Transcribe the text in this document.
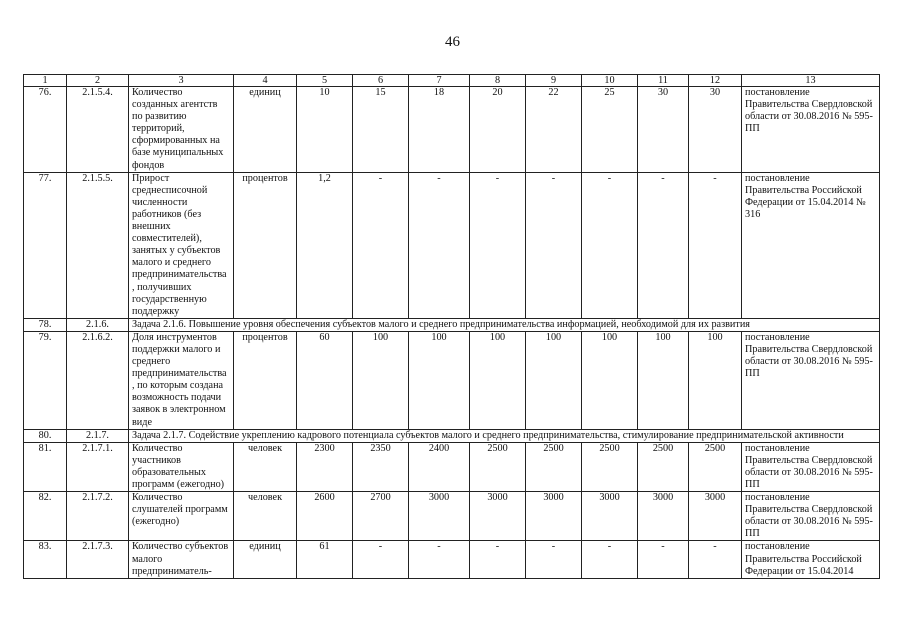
46
1	2	3	4	5	6	7	8	9	10	11	12	13
76.	2.1.5.4.	Количество созданных агентств по развитию территорий, сформированных на базе муниципальных фондов	единиц	10	15	18	20	22	25	30	30	постановление Правительства Свердловской области от 30.08.2016 № 595-ПП
77.	2.1.5.5.	Прирост среднесписочной численности работников (без внешних совместителей), занятых у субъектов малого и среднего предпринимательства , получивших государственную поддержку	процентов	1,2	-	-	-	-	-	-	-	постановление Правительства Российской Федерации от 15.04.2014 № 316
78.	2.1.6.	Задача 2.1.6. Повышение уровня обеспечения субъектов малого и среднего предпринимательства информацией, необходимой для их развития										
79.	2.1.6.2.	Доля инструментов поддержки малого и среднего предпринимательства , по которым создана возможность подачи заявок в электронном виде	процентов	60	100	100	100	100	100	100	100	постановление Правительства Свердловской области от 30.08.2016 № 595-ПП
80.	2.1.7.	Задача 2.1.7. Содействие укреплению кадрового потенциала субъектов малого и среднего предпринимательства, стимулирование предпринимательской активности										
81.	2.1.7.1.	Количество участников образовательных программ (ежегодно)	человек	2300	2350	2400	2500	2500	2500	2500	2500	постановление Правительства Свердловской области от 30.08.2016 № 595-ПП
82.	2.1.7.2.	Количество слушателей программ (ежегодно)	человек	2600	2700	3000	3000	3000	3000	3000	3000	постановление Правительства Свердловской области от 30.08.2016 № 595-ПП
83.	2.1.7.3.	Количество субъектов малого предприниматель-	единиц	61	-	-	-	-	-	-	-	постановление Правительства Российской Федерации от 15.04.2014
